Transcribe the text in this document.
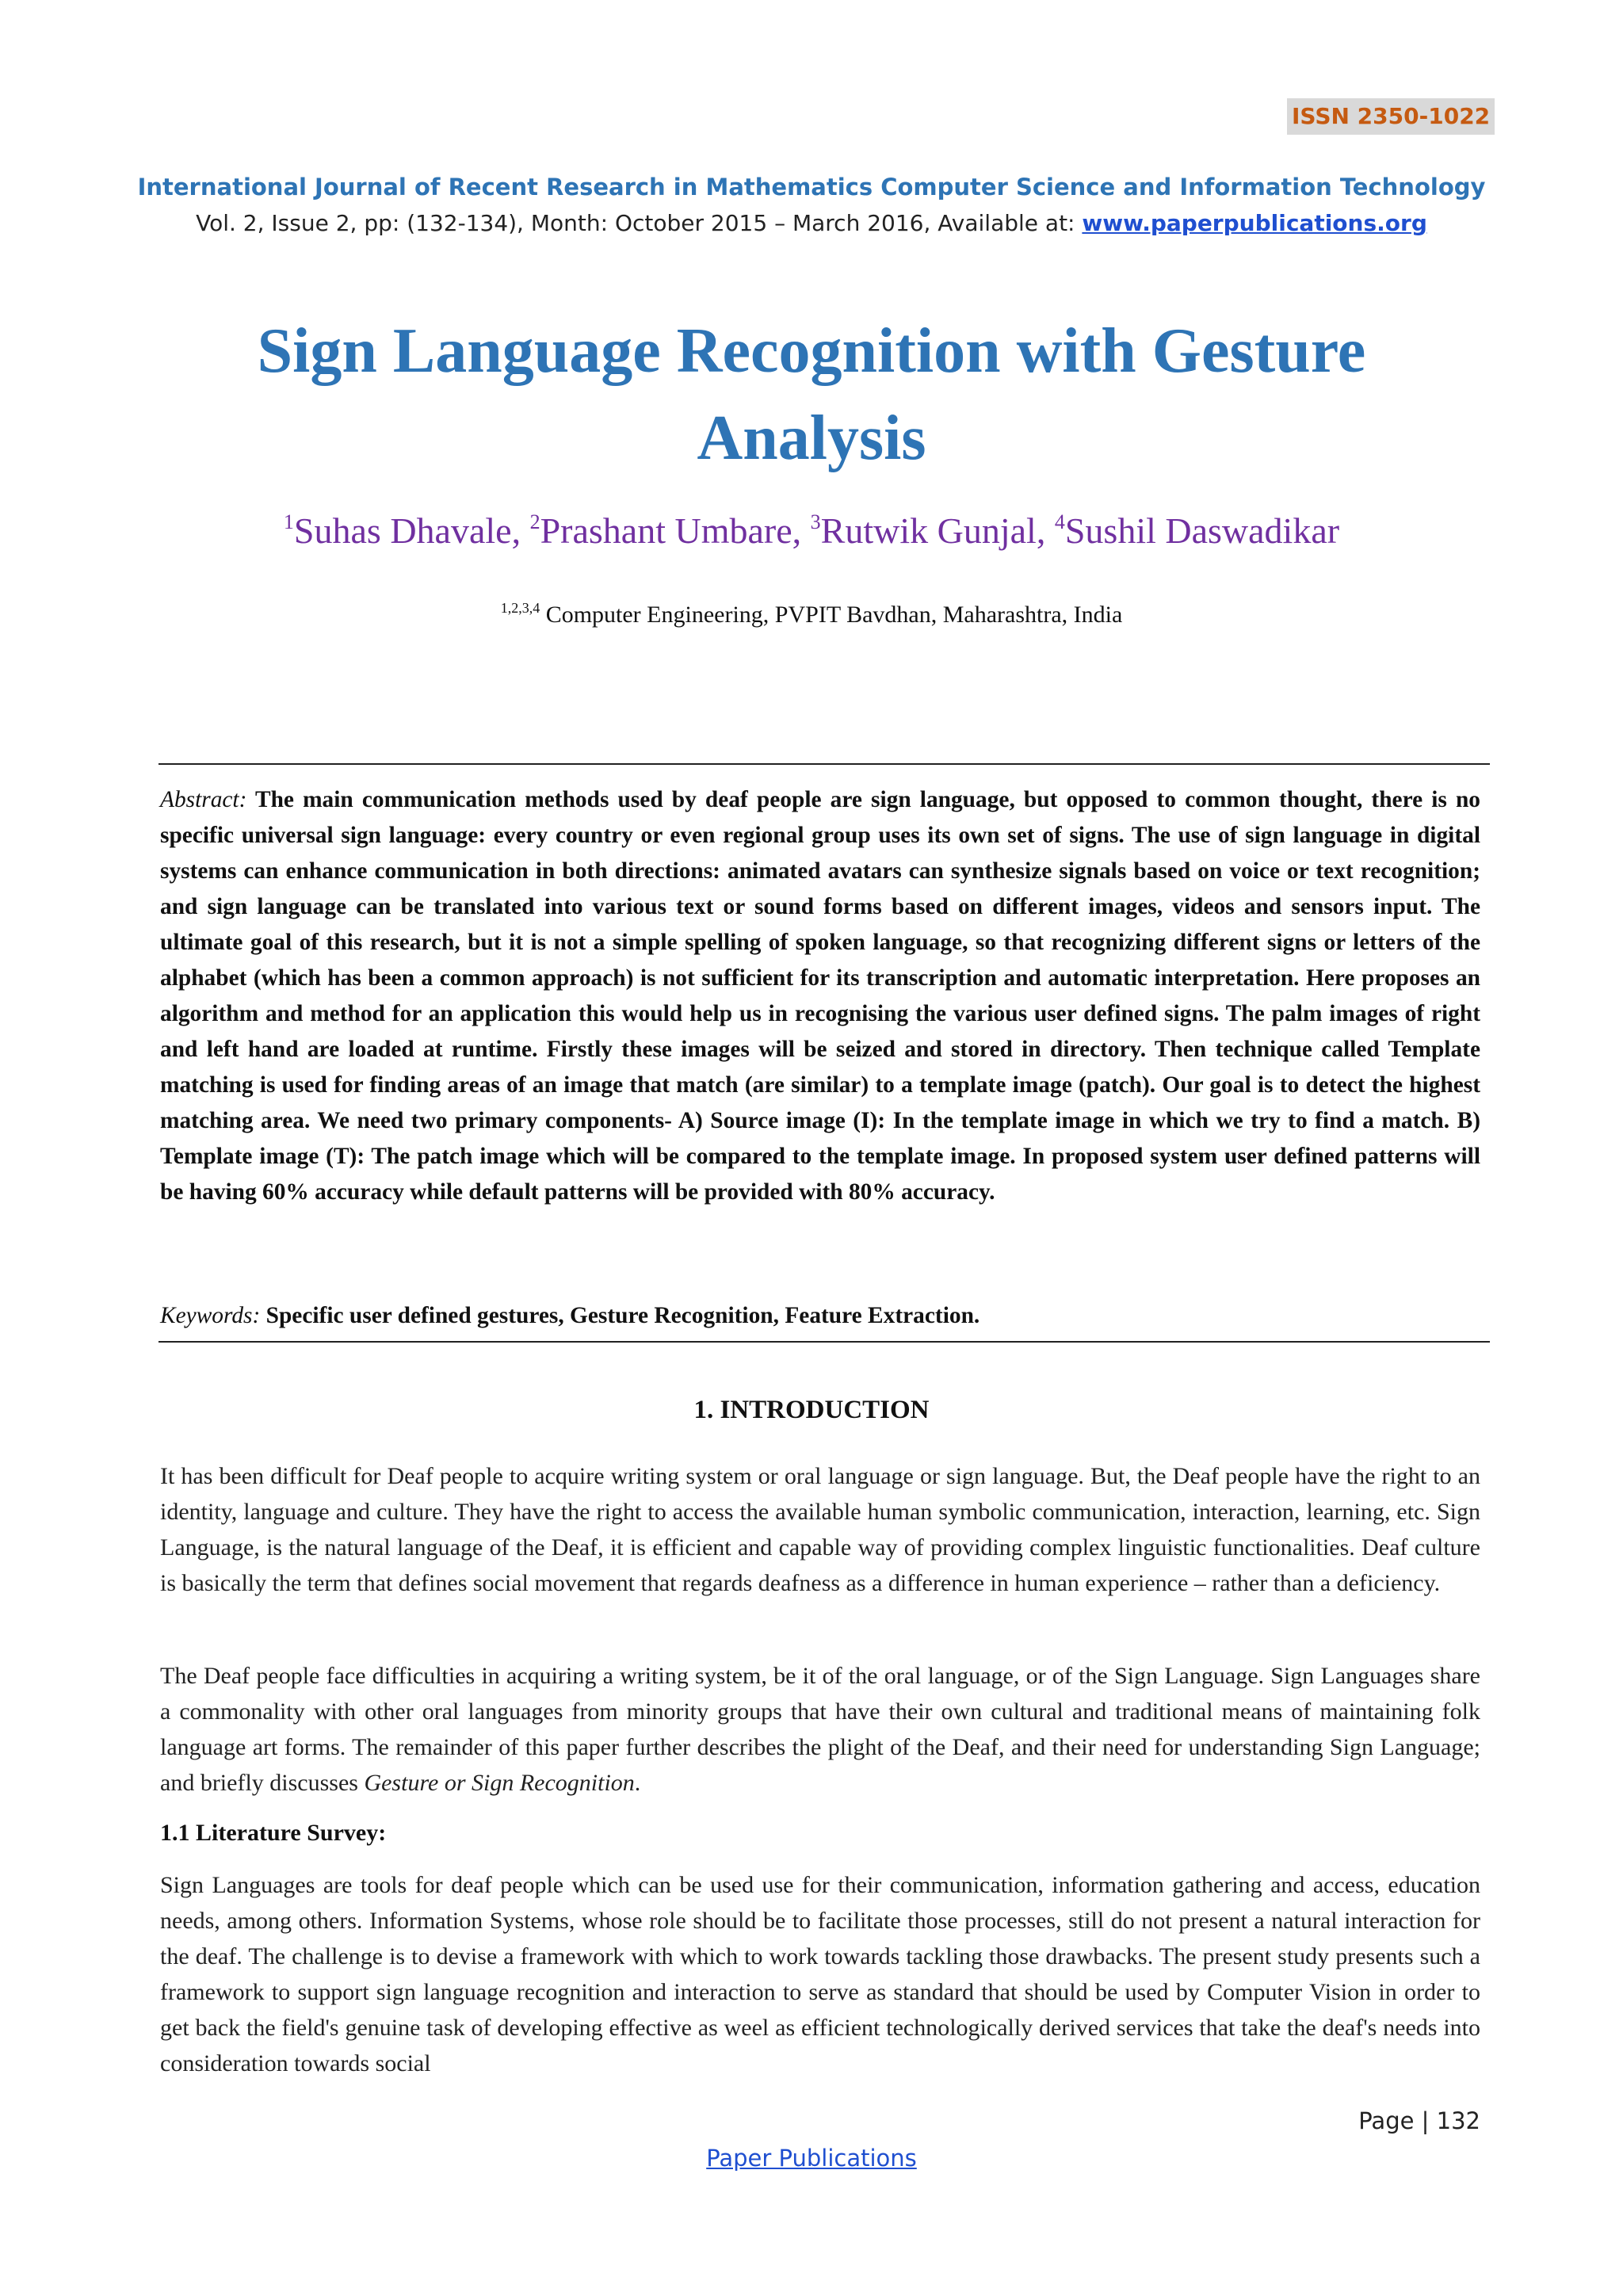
ISSN 2350-1022
International Journal of Recent Research in Mathematics Computer Science and Information Technology
Vol. 2, Issue 2, pp: (132-134), Month: October 2015 – March 2016, Available at: www.paperpublications.org
Sign Language Recognition with Gesture
Analysis
$^1$Suhas Dhavale, $^2$Prashant Umbare, $^3$Rutwik Gunjal, $^4$Sushil Daswadikar
$^{1,2,3,4}$ Computer Engineering, PVPIT Bavdhan, Maharashtra, India
Abstract: The main communication methods used by deaf people are sign language, but opposed to common thought, there is no specific universal sign language: every country or even regional group uses its own set of signs. The use of sign language in digital systems can enhance communication in both directions: animated avatars can synthesize signals based on voice or text recognition; and sign language can be translated into various text or sound forms based on different images, videos and sensors input. The ultimate goal of this research, but it is not a simple spelling of spoken language, so that recognizing different signs or letters of the alphabet (which has been a common approach) is not sufficient for its transcription and automatic interpretation. Here proposes an algorithm and method for an application this would help us in recognising the various user defined signs. The palm images of right and left hand are loaded at runtime. Firstly these images will be seized and stored in directory. Then technique called Template matching is used for finding areas of an image that match (are similar) to a template image (patch). Our goal is to detect the highest matching area. We need two primary components- A) Source image (I): In the template image in which we try to find a match. B) Template image (T): The patch image which will be compared to the template image. In proposed system user defined patterns will be having 60% accuracy while default patterns will be provided with 80% accuracy.
Keywords: Specific user defined gestures, Gesture Recognition, Feature Extraction.
1. INTRODUCTION

It has been difficult for Deaf people to acquire writing system or oral language or sign language. But, the Deaf people have the right to an identity, language and culture. They have the right to access the available human symbolic communication, interaction, learning, etc. Sign Language, is the natural language of the Deaf, it is efficient and capable way of providing complex linguistic functionalities. Deaf culture is basically the term that defines social movement that regards deafness as a difference in human experience – rather than a deficiency.

The Deaf people face difficulties in acquiring a writing system, be it of the oral language, or of the Sign Language. Sign Languages share a commonality with other oral languages from minority groups that have their own cultural and traditional means of maintaining folk language art forms. The remainder of this paper further describes the plight of the Deaf, and their need for understanding Sign Language; and briefly discusses Gesture or Sign Recognition.

1.1 Literature Survey:

Sign Languages are tools for deaf people which can be used use for their communication, information gathering and access, education needs, among others. Information Systems, whose role should be to facilitate those processes, still do not present a natural interaction for the deaf. The challenge is to devise a framework with which to work towards tackling those drawbacks. The present study presents such a framework to support sign language recognition and interaction to serve as standard that should be used by Computer Vision in order to get back the field's genuine task of developing effective as weel as efficient technologically derived services that take the deaf's needs into consideration towards social

Page | 132
Paper Publications
